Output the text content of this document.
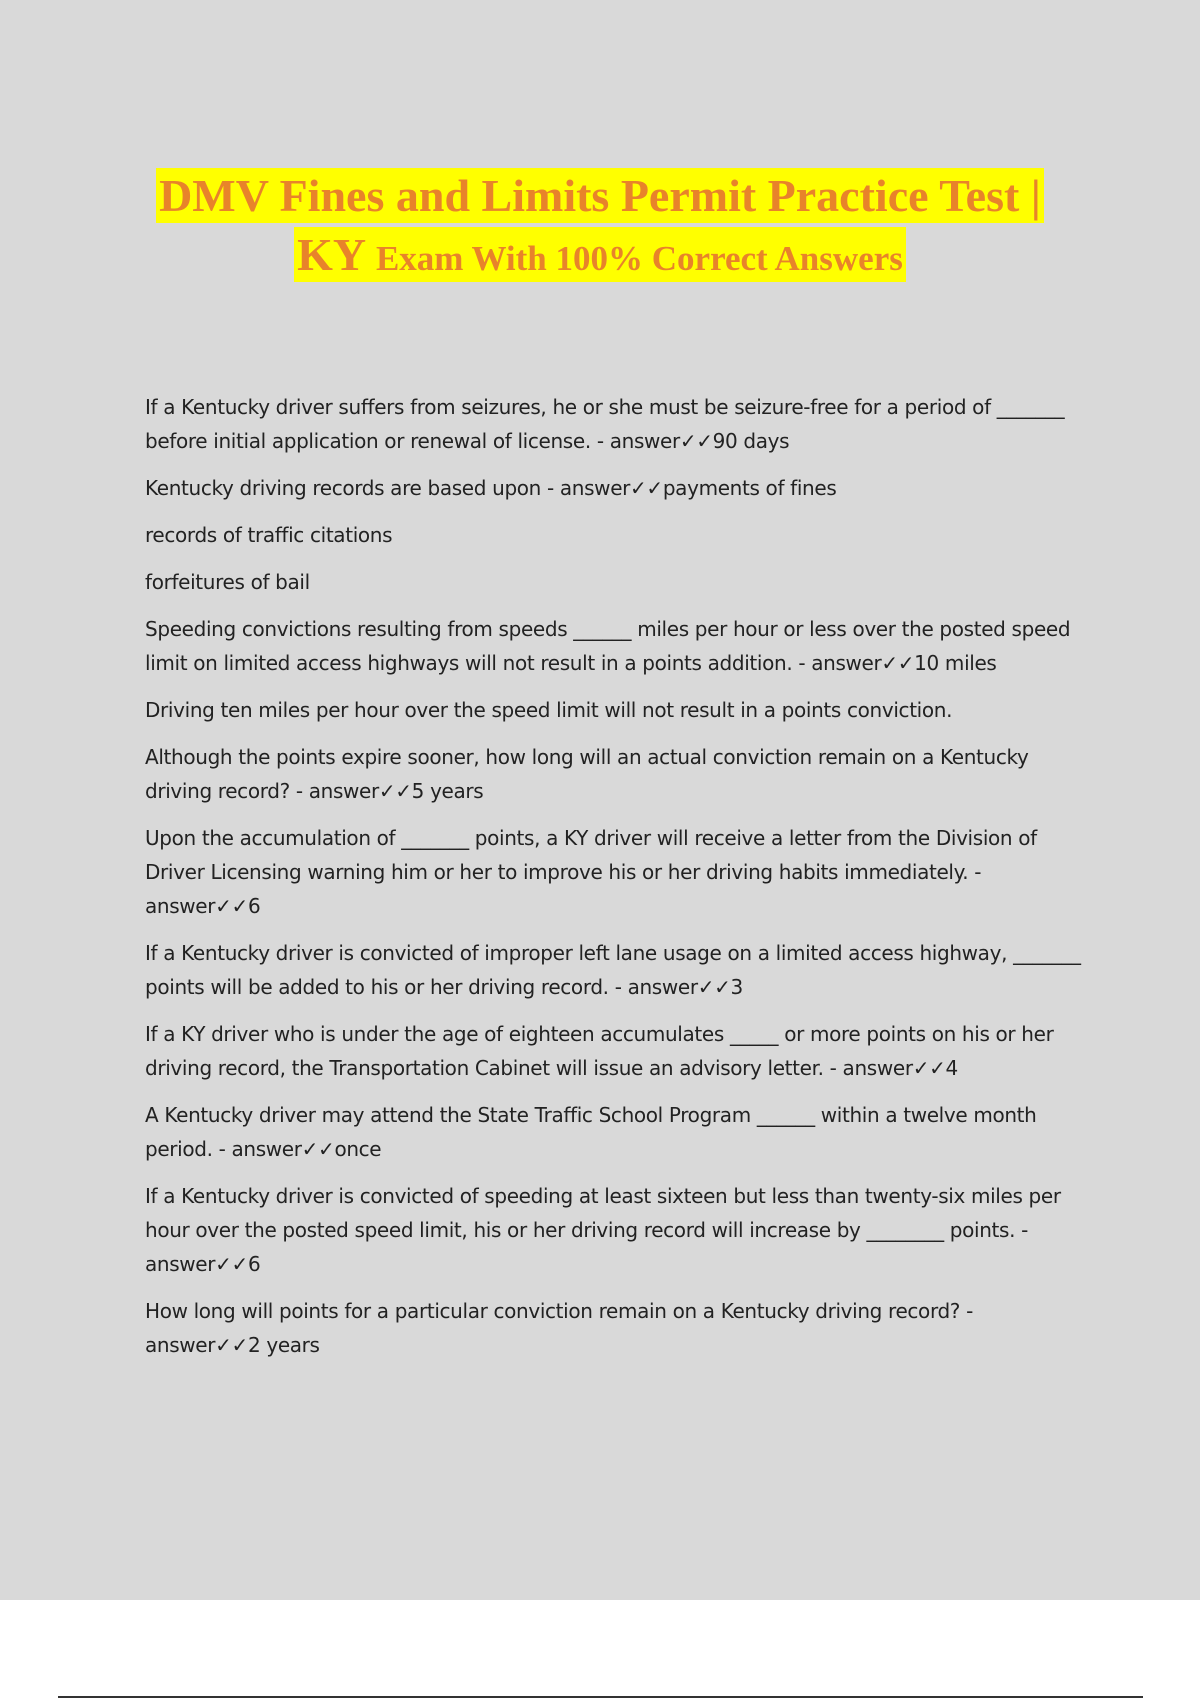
DMV Fines and Limits Permit Practice Test |
KY Exam With 100% Correct Answers

If a Kentucky driver suffers from seizures, he or she must be seizure-free for a period of _______ before initial application or renewal of license. - answer✓✓90 days

Kentucky driving records are based upon - answer✓✓payments of fines

records of traffic citations

forfeitures of bail

Speeding convictions resulting from speeds ______ miles per hour or less over the posted speed limit on limited access highways will not result in a points addition. - answer✓✓10 miles

Driving ten miles per hour over the speed limit will not result in a points conviction.

Although the points expire sooner, how long will an actual conviction remain on a Kentucky driving record? - answer✓✓5 years

Upon the accumulation of _______ points, a KY driver will receive a letter from the Division of Driver Licensing warning him or her to improve his or her driving habits immediately. - answer✓✓6

If a Kentucky driver is convicted of improper left lane usage on a limited access highway, _______ points will be added to his or her driving record. - answer✓✓3

If a KY driver who is under the age of eighteen accumulates _____ or more points on his or her driving record, the Transportation Cabinet will issue an advisory letter. - answer✓✓4

A Kentucky driver may attend the State Traffic School Program ______ within a twelve month period. - answer✓✓once

If a Kentucky driver is convicted of speeding at least sixteen but less than twenty-six miles per hour over the posted speed limit, his or her driving record will increase by ________ points. - answer✓✓6

How long will points for a particular conviction remain on a Kentucky driving record? - answer✓✓2 years
